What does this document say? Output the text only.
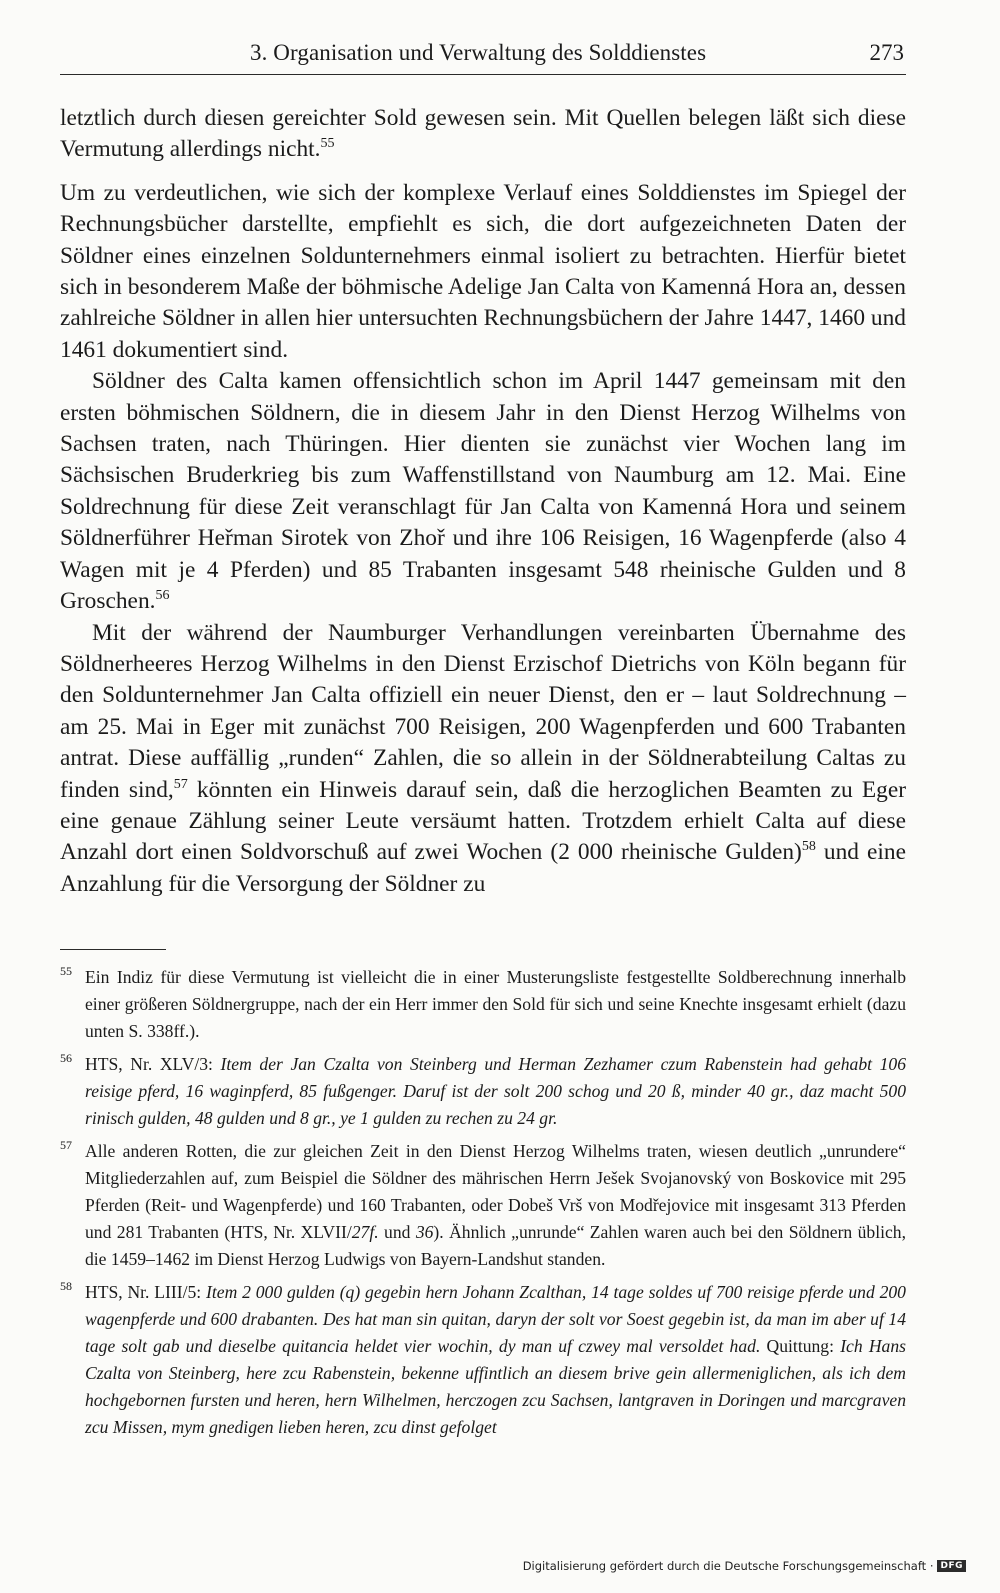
3. Organisation und Verwaltung des Solddienstes	273

letztlich durch diesen gereichter Sold gewesen sein. Mit Quellen belegen läßt sich diese Vermutung allerdings nicht.$^{55}$

Um zu verdeutlichen, wie sich der komplexe Verlauf eines Solddienstes im Spiegel der Rechnungsbücher darstellte, empfiehlt es sich, die dort aufgezeichneten Daten der Söldner eines einzelnen Soldunternehmers einmal isoliert zu betrachten. Hierfür bietet sich in besonderem Maße der böhmische Adelige Jan Calta von Kamenná Hora an, dessen zahlreiche Söldner in allen hier untersuchten Rechnungsbüchern der Jahre 1447, 1460 und 1461 dokumentiert sind.

Söldner des Calta kamen offensichtlich schon im April 1447 gemeinsam mit den ersten böhmischen Söldnern, die in diesem Jahr in den Dienst Herzog Wilhelms von Sachsen traten, nach Thüringen. Hier dienten sie zunächst vier Wochen lang im Sächsischen Bruderkrieg bis zum Waffenstillstand von Naumburg am 12. Mai. Eine Soldrechnung für diese Zeit veranschlagt für Jan Calta von Kamenná Hora und seinem Söldnerführer Heřman Sirotek von Zhoř und ihre 106 Reisigen, 16 Wagenpferde (also 4 Wagen mit je 4 Pferden) und 85 Trabanten insgesamt 548 rheinische Gulden und 8 Groschen.$^{56}$

Mit der während der Naumburger Verhandlungen vereinbarten Übernahme des Söldnerheeres Herzog Wilhelms in den Dienst Erzischof Dietrichs von Köln begann für den Soldunternehmer Jan Calta offiziell ein neuer Dienst, den er – laut Soldrechnung – am 25. Mai in Eger mit zunächst 700 Reisigen, 200 Wagenpferden und 600 Trabanten antrat. Diese auffällig „runden“ Zahlen, die so allein in der Söldnerabteilung Caltas zu finden sind,$^{57}$ könnten ein Hinweis darauf sein, daß die herzoglichen Beamten zu Eger eine genaue Zählung seiner Leute versäumt hatten. Trotzdem erhielt Calta auf diese Anzahl dort einen Soldvorschuß auf zwei Wochen (2 000 rheinische Gulden)$^{58}$ und eine Anzahlung für die Versorgung der Söldner zu

55 Ein Indiz für diese Vermutung ist vielleicht die in einer Musterungsliste festgestellte Soldberechnung innerhalb einer größeren Söldnergruppe, nach der ein Herr immer den Sold für sich und seine Knechte insgesamt erhielt (dazu unten S. 338ff.).
56 HTS, Nr. XLV/3: Item der Jan Czalta von Steinberg und Herman Zezhamer czum Rabenstein had gehabt 106 reisige pferd, 16 waginpferd, 85 fußgenger. Daruf ist der solt 200 schog und 20 ß, minder 40 gr., daz macht 500 rinisch gulden, 48 gulden und 8 gr., ye 1 gulden zu rechen zu 24 gr.
57 Alle anderen Rotten, die zur gleichen Zeit in den Dienst Herzog Wilhelms traten, wiesen deutlich „unrundere“ Mitgliederzahlen auf, zum Beispiel die Söldner des mährischen Herrn Ješek Svojanovský von Boskovice mit 295 Pferden (Reit- und Wagenpferde) und 160 Trabanten, oder Dobeš Vrš von Modřejovice mit insgesamt 313 Pferden und 281 Trabanten (HTS, Nr. XLVII/27f. und 36). Ähnlich „unrunde“ Zahlen waren auch bei den Söldnern üblich, die 1459–1462 im Dienst Herzog Ludwigs von Bayern-Landshut standen.
58 HTS, Nr. LIII/5: Item 2 000 gulden (q) gegebin hern Johann Zcalthan, 14 tage soldes uf 700 reisige pferde und 200 wagenpferde und 600 drabanten. Des hat man sin quitan, daryn der solt vor Soest gegebin ist, da man im aber uf 14 tage solt gab und dieselbe quitancia heldet vier wochin, dy man uf czwey mal versoldet had. Quittung: Ich Hans Czalta von Steinberg, here zcu Rabenstein, bekenne uffintlich an diesem brive gein allermeniglichen, als ich dem hochgebornen fursten und heren, hern Wilhelmen, herczogen zcu Sachsen, lantgraven in Doringen und marcgraven zcu Missen, mym gnedigen lieben heren, zcu dinst gefolget
Digitalisierung gefördert durch die Deutsche Forschungsgemeinschaft · DFG
